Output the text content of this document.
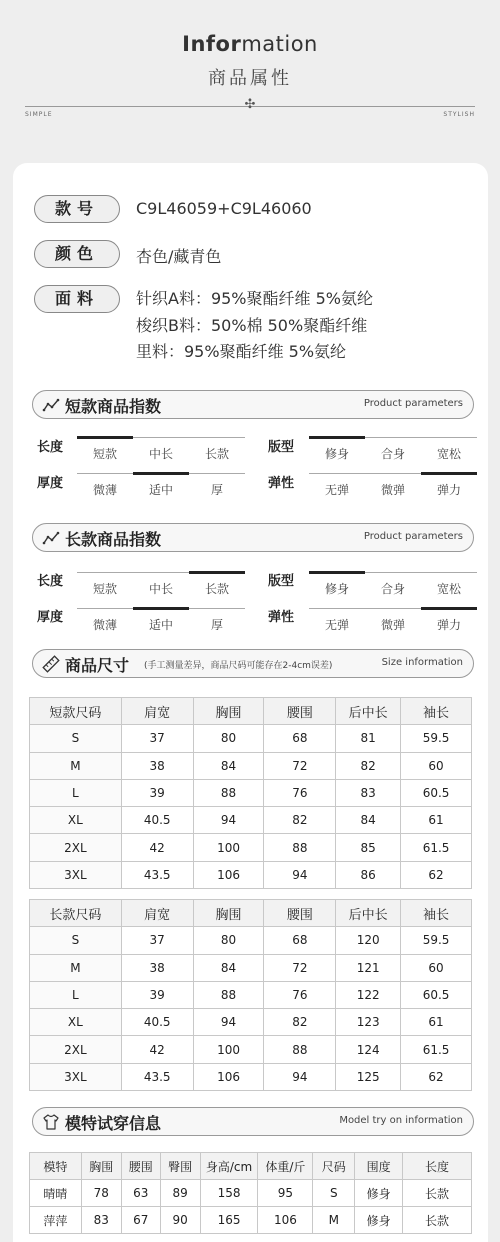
Information
商品属性
✣
SIMPLE	STYLISH
款号	C9L46059+C9L46060
颜色	杏色/藏青色
面料	针织A料：95%聚酯纤维 5%氨纶
梭织B料：50%棉 50%聚酯纤维
里料：95%聚酯纤维 5%氨纶
短款商品指数	Product parameters
长度	短款	中长	长款	版型	修身	合身	宽松
厚度	微薄	适中	厚	弹性	无弹	微弹	弹力
长款商品指数	Product parameters
长度	短款	中长	长款	版型	修身	合身	宽松
厚度	微薄	适中	厚	弹性	无弹	微弹	弹力
商品尺寸 (手工测量差异，商品尺码可能存在2-4cm误差)	Size information
短款尺码	肩宽	胸围	腰围	后中长	袖长
S	37	80	68	81	59.5
M	38	84	72	82	60
L	39	88	76	83	60.5
XL	40.5	94	82	84	61
2XL	42	100	88	85	61.5
3XL	43.5	106	94	86	62
长款尺码	肩宽	胸围	腰围	后中长	袖长
S	37	80	68	120	59.5
M	38	84	72	121	60
L	39	88	76	122	60.5
XL	40.5	94	82	123	61
2XL	42	100	88	124	61.5
3XL	43.5	106	94	125	62
模特试穿信息	Model try on information
模特	胸围	腰围	臀围	身高/cm	体重/斤	尺码	围度	长度
晴晴	78	63	89	158	95	S	修身	长款
萍萍	83	67	90	165	106	M	修身	长款
